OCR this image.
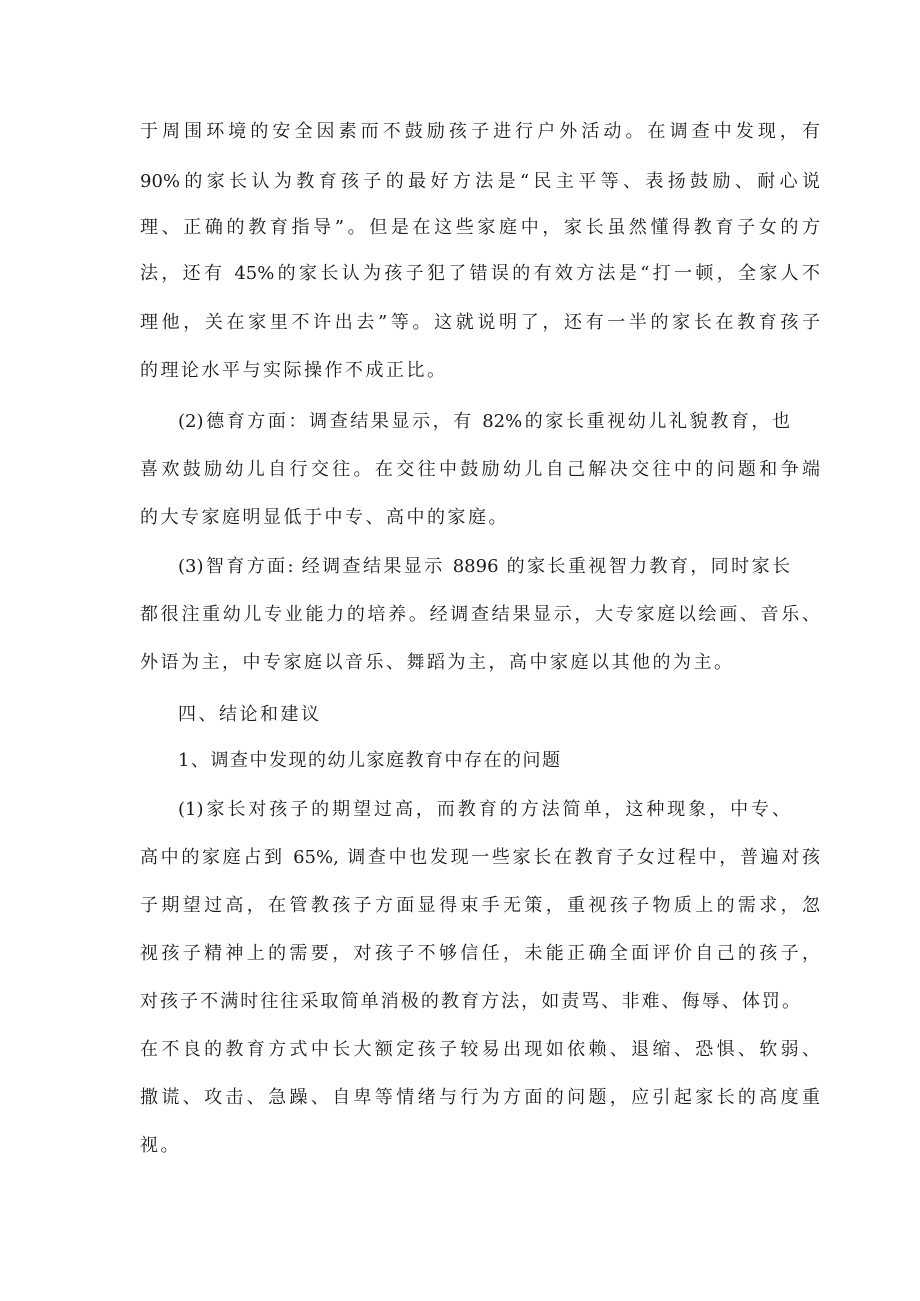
于周围环境的安全因素而不鼓励孩子进行户外活动。在调查中发现，有
90%的家长认为教育孩子的最好方法是“民主平等、表扬鼓励、耐心说
理、正确的教育指导”。但是在这些家庭中，家长虽然懂得教育子女的方
法，还有 45%的家长认为孩子犯了错误的有效方法是“打一顿，全家人不
理他，关在家里不许出去”等。这就说明了，还有一半的家长在教育孩子
的理论水平与实际操作不成正比。
(2)德育方面：调查结果显示，有 82%的家长重视幼儿礼貌教育，也
喜欢鼓励幼儿自行交往。在交往中鼓励幼儿自己解决交往中的问题和争端
的大专家庭明显低于中专、高中的家庭。
(3)智育方面: 经调查结果显示 8896 的家长重视智力教育，同时家长
都很注重幼儿专业能力的培养。经调查结果显示，大专家庭以绘画、音乐、
外语为主，中专家庭以音乐、舞蹈为主，高中家庭以其他的为主。
四、结论和建议
1、调查中发现的幼儿家庭教育中存在的问题
(1)家长对孩子的期望过高，而教育的方法简单，这种现象，中专、
高中的家庭占到 65%, 调查中也发现一些家长在教育子女过程中，普遍对孩
子期望过高，在管教孩子方面显得束手无策，重视孩子物质上的需求，忽
视孩子精神上的需要，对孩子不够信任，未能正确全面评价自己的孩子，
对孩子不满时往往采取简单消极的教育方法，如责骂、非难、侮辱、体罚。
在不良的教育方式中长大额定孩子较易出现如依赖、退缩、恐惧、软弱、
撒谎、攻击、急躁、自卑等情绪与行为方面的问题，应引起家长的高度重
视。
